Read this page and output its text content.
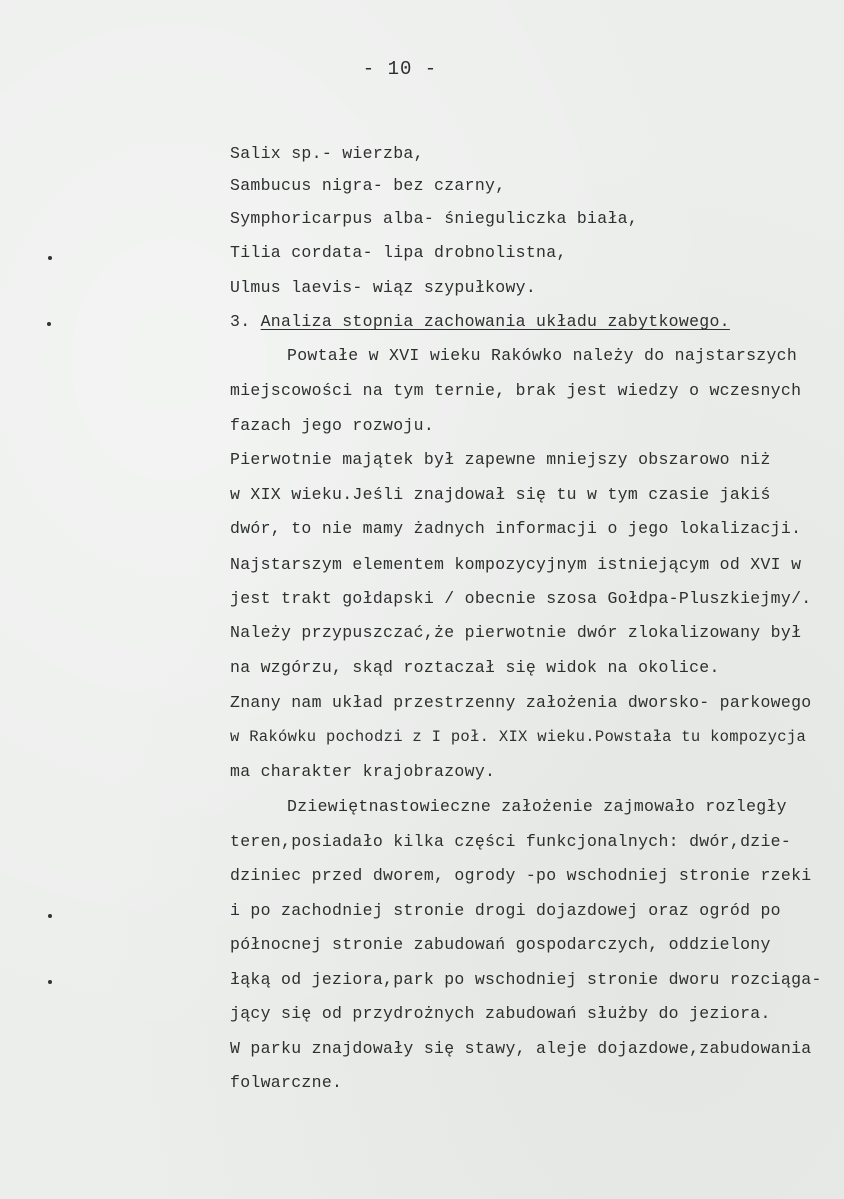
- 10 -
Salix sp.- wierzba,
Sambucus nigra- bez czarny,
Symphoricarpus alba- śnieguliczka biała,
Tilia cordata- lipa drobnolistna,
Ulmus laevis- wiąz szypułkowy.
3. Analiza stopnia zachowania układu zabytkowego.
Powtałe w XVI wieku Rakówko należy do najstarszych
miejscowości na tym ternie, brak jest wiedzy o wczesnych
fazach jego rozwoju.
Pierwotnie majątek był zapewne mniejszy obszarowo niż
w XIX wieku.Jeśli znajdował się tu w tym czasie jakiś
dwór, to nie mamy żadnych informacji o jego lokalizacji.
Najstarszym elementem kompozycyjnym istniejącym od XVI w
jest trakt gołdapski / obecnie szosa Gołdpa-Pluszkiejmy/.
Należy przypuszczać,że pierwotnie dwór zlokalizowany był
na wzgórzu, skąd roztaczał się widok na okolice.
Znany nam układ przestrzenny założenia dworsko- parkowego
w Rakówku pochodzi z I poł. XIX wieku.Powstała tu kompozycja
ma charakter krajobrazowy.
Dziewiętnastowieczne założenie zajmowało rozległy
teren,posiadało kilka części funkcjonalnych: dwór,dzie-
dziniec przed dworem, ogrody -po wschodniej stronie rzeki
i po zachodniej stronie drogi dojazdowej oraz ogród po
północnej stronie zabudowań gospodarczych, oddzielony
łąką od jeziora,park po wschodniej stronie dworu rozciąga-
jący się od przydrożnych zabudowań służby do jeziora.
W parku znajdowały się stawy, aleje dojazdowe,zabudowania
folwarczne.
